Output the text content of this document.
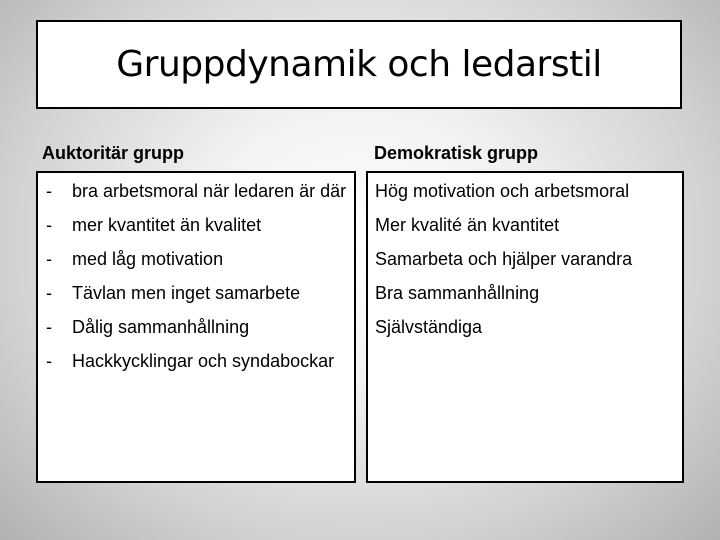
Gruppdynamik och ledarstil
Auktoritär grupp	Demokratisk grupp
-	bra arbetsmoral när ledaren är där
-	mer kvantitet än kvalitet
-	med låg motivation
-	Tävlan men inget samarbete
-	Dålig sammanhållning
-	Hackkycklingar och syndabockar
Hög motivation och arbetsmoral
Mer kvalité än kvantitet
Samarbeta och hjälper varandra
Bra sammanhållning
Självständiga
